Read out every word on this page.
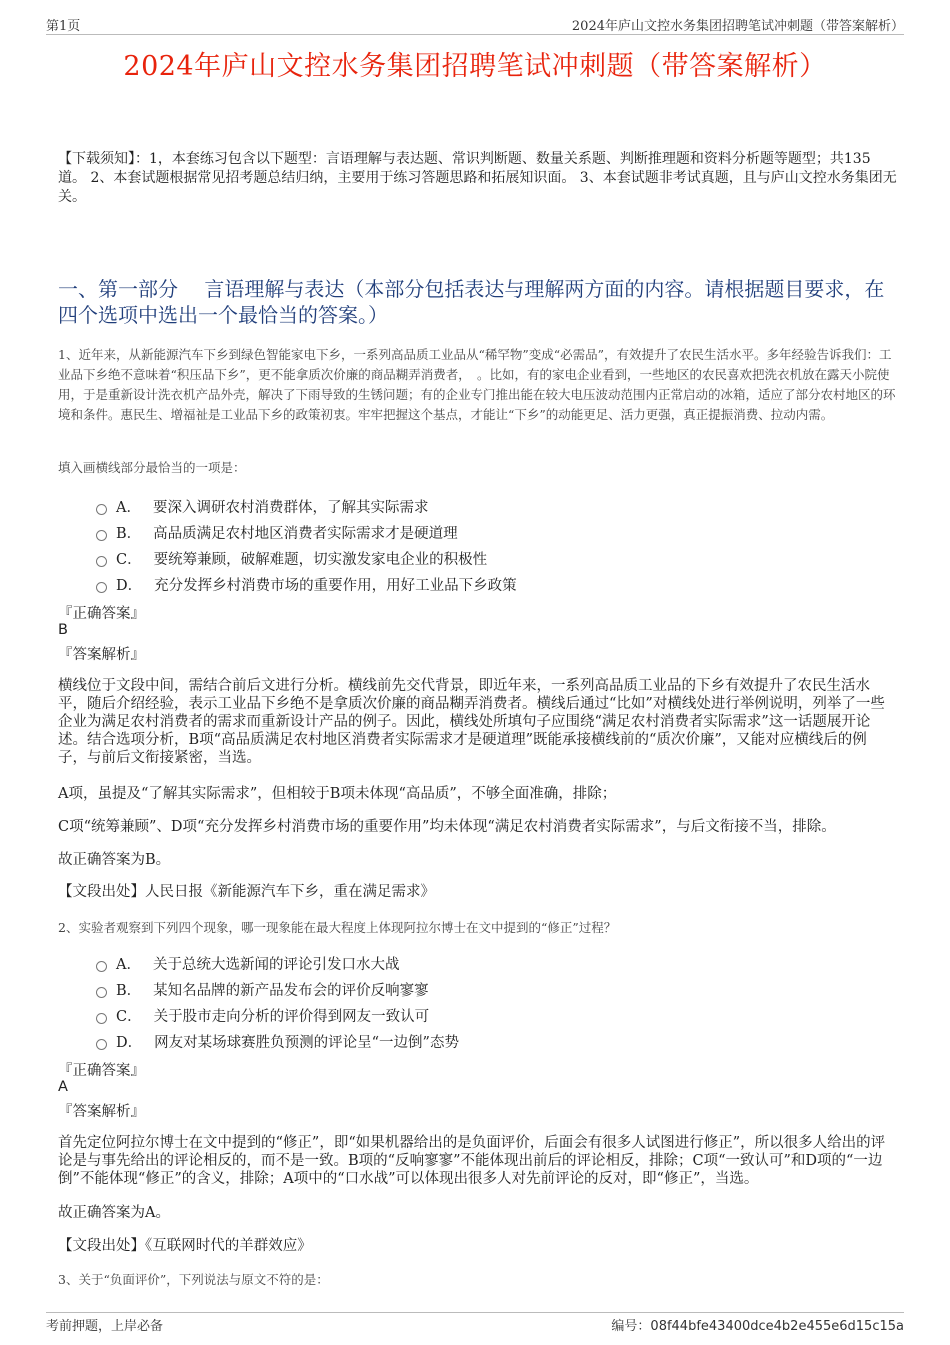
第1页	2024年庐山文控水务集团招聘笔试冲刺题（带答案解析）
2024年庐山文控水务集团招聘笔试冲刺题（带答案解析）
【下载须知】：1，本套练习包含以下题型：言语理解与表达题、常识判断题、数量关系题、判断推理题和资料分析题等题型；共135道。 2、本套试题根据常见招考题总结归纳，主要用于练习答题思路和拓展知识面。 3、本套试题非考试真题，且与庐山文控水务集团无关。
一、第一部分　 言语理解与表达（本部分包括表达与理解两方面的内容。请根据题目要求，在四个选项中选出一个最恰当的答案。）
1、近年来，从新能源汽车下乡到绿色智能家电下乡，一系列高品质工业品从“稀罕物”变成“必需品”，有效提升了农民生活水平。多年经验告诉我们：工业品下乡绝不意味着“积压品下乡”，更不能拿质次价廉的商品糊弄消费者，　。比如，有的家电企业看到，一些地区的农民喜欢把洗衣机放在露天小院使用，于是重新设计洗衣机产品外壳，解决了下雨导致的生锈问题；有的企业专门推出能在较大电压波动范围内正常启动的冰箱，适应了部分农村地区的环境和条件。惠民生、增福祉是工业品下乡的政策初衷。牢牢把握这个基点，才能让“下乡”的动能更足、活力更强，真正提振消费、拉动内需。
填入画横线部分最恰当的一项是：
A． 要深入调研农村消费群体，了解其实际需求
B． 高品质满足农村地区消费者实际需求才是硬道理
C． 要统筹兼顾，破解难题，切实激发家电企业的积极性
D． 充分发挥乡村消费市场的重要作用，用好工业品下乡政策
『正确答案』
B
『答案解析』
横线位于文段中间，需结合前后文进行分析。横线前先交代背景，即近年来，一系列高品质工业品的下乡有效提升了农民生活水平，随后介绍经验，表示工业品下乡绝不是拿质次价廉的商品糊弄消费者。横线后通过“比如”对横线处进行举例说明，列举了一些企业为满足农村消费者的需求而重新设计产品的例子。因此，横线处所填句子应围绕“满足农村消费者实际需求”这一话题展开论述。结合选项分析，B项“高品质满足农村地区消费者实际需求才是硬道理”既能承接横线前的“质次价廉”，又能对应横线后的例子，与前后文衔接紧密，当选。
A项，虽提及“了解其实际需求”，但相较于B项未体现“高品质”，不够全面准确，排除；
C项“统筹兼顾”、D项“充分发挥乡村消费市场的重要作用”均未体现“满足农村消费者实际需求”，与后文衔接不当，排除。
故正确答案为B。
【文段出处】人民日报《新能源汽车下乡，重在满足需求》
2、实验者观察到下列四个现象，哪一现象能在最大程度上体现阿拉尔博士在文中提到的“修正”过程？
A． 关于总统大选新闻的评论引发口水大战
B． 某知名品牌的新产品发布会的评价反响寥寥
C． 关于股市走向分析的评价得到网友一致认可
D． 网友对某场球赛胜负预测的评论呈“一边倒”态势
『正确答案』
A
『答案解析』
首先定位阿拉尔博士在文中提到的“修正”，即“如果机器给出的是负面评价，后面会有很多人试图进行修正”，所以很多人给出的评论是与事先给出的评论相反的，而不是一致。B项的“反响寥寥”不能体现出前后的评论相反，排除；C项“一致认可”和D项的“一边倒”不能体现“修正”的含义，排除；A项中的“口水战”可以体现出很多人对先前评论的反对，即“修正”，当选。
故正确答案为A。
【文段出处】《互联网时代的羊群效应》
3、关于“负面评价”，下列说法与原文不符的是：
考前押题，上岸必备	编号：08f44bfe43400dce4b2e455e6d15c15a
